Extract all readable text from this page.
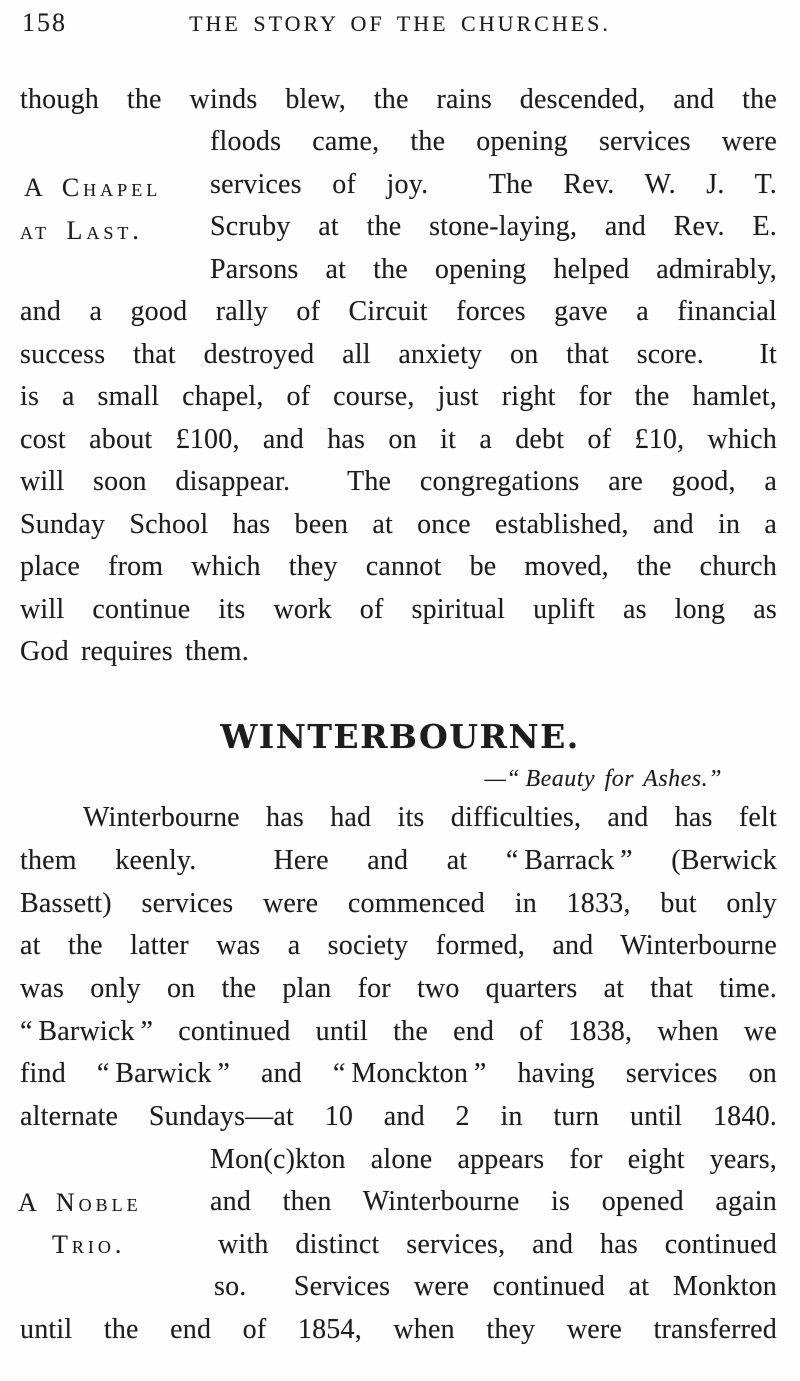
158	THE STORY OF THE CHURCHES.
though the winds blew, the rains descended, and the
floods came, the opening services were
services of joy.  The Rev. W. J. T.
Scruby at the stone-laying, and Rev. E.
Parsons at the opening helped admirably,
and a good rally of Circuit forces gave a financial
success that destroyed all anxiety on that score.  It
is a small chapel, of course, just right for the hamlet,
cost about £100, and has on it a debt of £10, which
will soon disappear.  The congregations are good, a
Sunday School has been at once established, and in a
place from which they cannot be moved, the church
will continue its work of spiritual uplift as long as
God requires them.
A Chapel
at Last.
WINTERBOURNE.
—“ Beauty for Ashes.”
Winterbourne has had its difficulties, and has felt
them keenly.  Here and at “ Barrack ” (Berwick
Bassett) services were commenced in 1833, but only
at the latter was a society formed, and Winterbourne
was only on the plan for two quarters at that time.
“ Barwick ” continued until the end of 1838, when we
find “ Barwick ” and “ Monckton ” having services on
alternate Sundays—at 10 and 2 in turn until 1840.
Mon(c)kton alone appears for eight years,
and then Winterbourne is opened again
with distinct services, and has continued
so.  Services were continued at Monkton
until the end of 1854, when they were transferred
A Noble
Trio.
